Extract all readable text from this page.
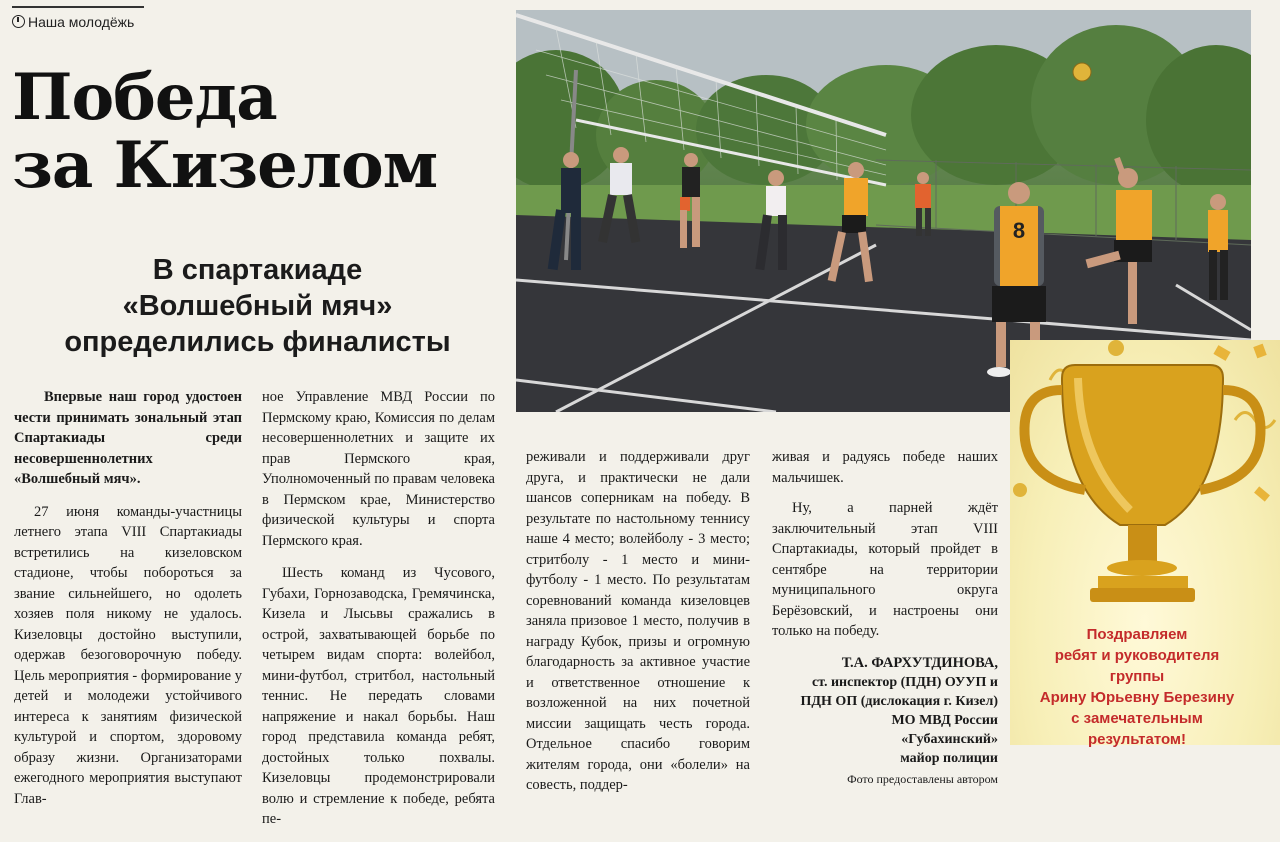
Наша молодёжь
Победа
за Кизелом
В спартакиаде
«Волшебный мяч»
определились финалисты

Впервые наш город удостоен чести принимать зональный этап Спартакиады среди несовершеннолетних «Волшебный мяч».

27 июня команды-участницы летнего этапа VIII Спартакиады встретились на кизеловском стадионе, чтобы побороться за звание сильнейшего, но одолеть хозяев поля никому не удалось. Кизеловцы достойно выступили, одержав безоговорочную победу. Цель мероприятия - формирование у детей и молодежи устойчивого интереса к занятиям физической культурой и спортом, здоровому образу жизни. Организаторами ежегодного мероприятия выступают Глав-

ное Управление МВД России по Пермскому краю, Комиссия по делам несовершеннолетних и защите их прав Пермского края, Уполномоченный по правам человека в Пермском крае, Министерство физической культуры и спорта Пермского края.

Шесть команд из Чусового, Губахи, Горнозаводска, Гремячинска, Кизела и Лысьвы сражались в острой, захватывающей борьбе по четырем видам спорта: волейбол, мини-футбол, стритбол, настольный теннис. Не передать словами напряжение и накал борьбы. Наш город представила команда ребят, достойных только похвалы. Кизеловцы продемонстрировали волю и стремление к победе, ребята пе-

реживали и поддерживали друг друга, и практически не дали шансов соперникам на победу. В результате по настольному теннису наше 4 место; волейболу - 3 место; стритболу - 1 место и мини-футболу - 1 место. По результатам соревнований команда кизеловцев заняла призовое 1 место, получив в награду Кубок, призы и огромную благодарность за активное участие и ответственное отношение к возложенной на них почетной миссии защищать честь города. Отдельное спасибо говорим жителям города, они «болели» на совесть, поддер-

живая и радуясь победе наших мальчишек.

Ну, а парней ждёт заключительный этап VIII Спартакиады, который пройдет в сентябре на территории муниципального округа Берёзовский, и настроены они только на победу.

Т.А. ФАРХУТДИНОВА,
ст. инспектор (ПДН) ОУУП и
ПДН ОП (дислокация г. Кизел)
МО МВД России
«Губахинский»
майор полиции
Фото предоставлены автором
8
Поздравляем
ребят и руководителя
группы
Арину Юрьевну Березину
с замечательным
результатом!
